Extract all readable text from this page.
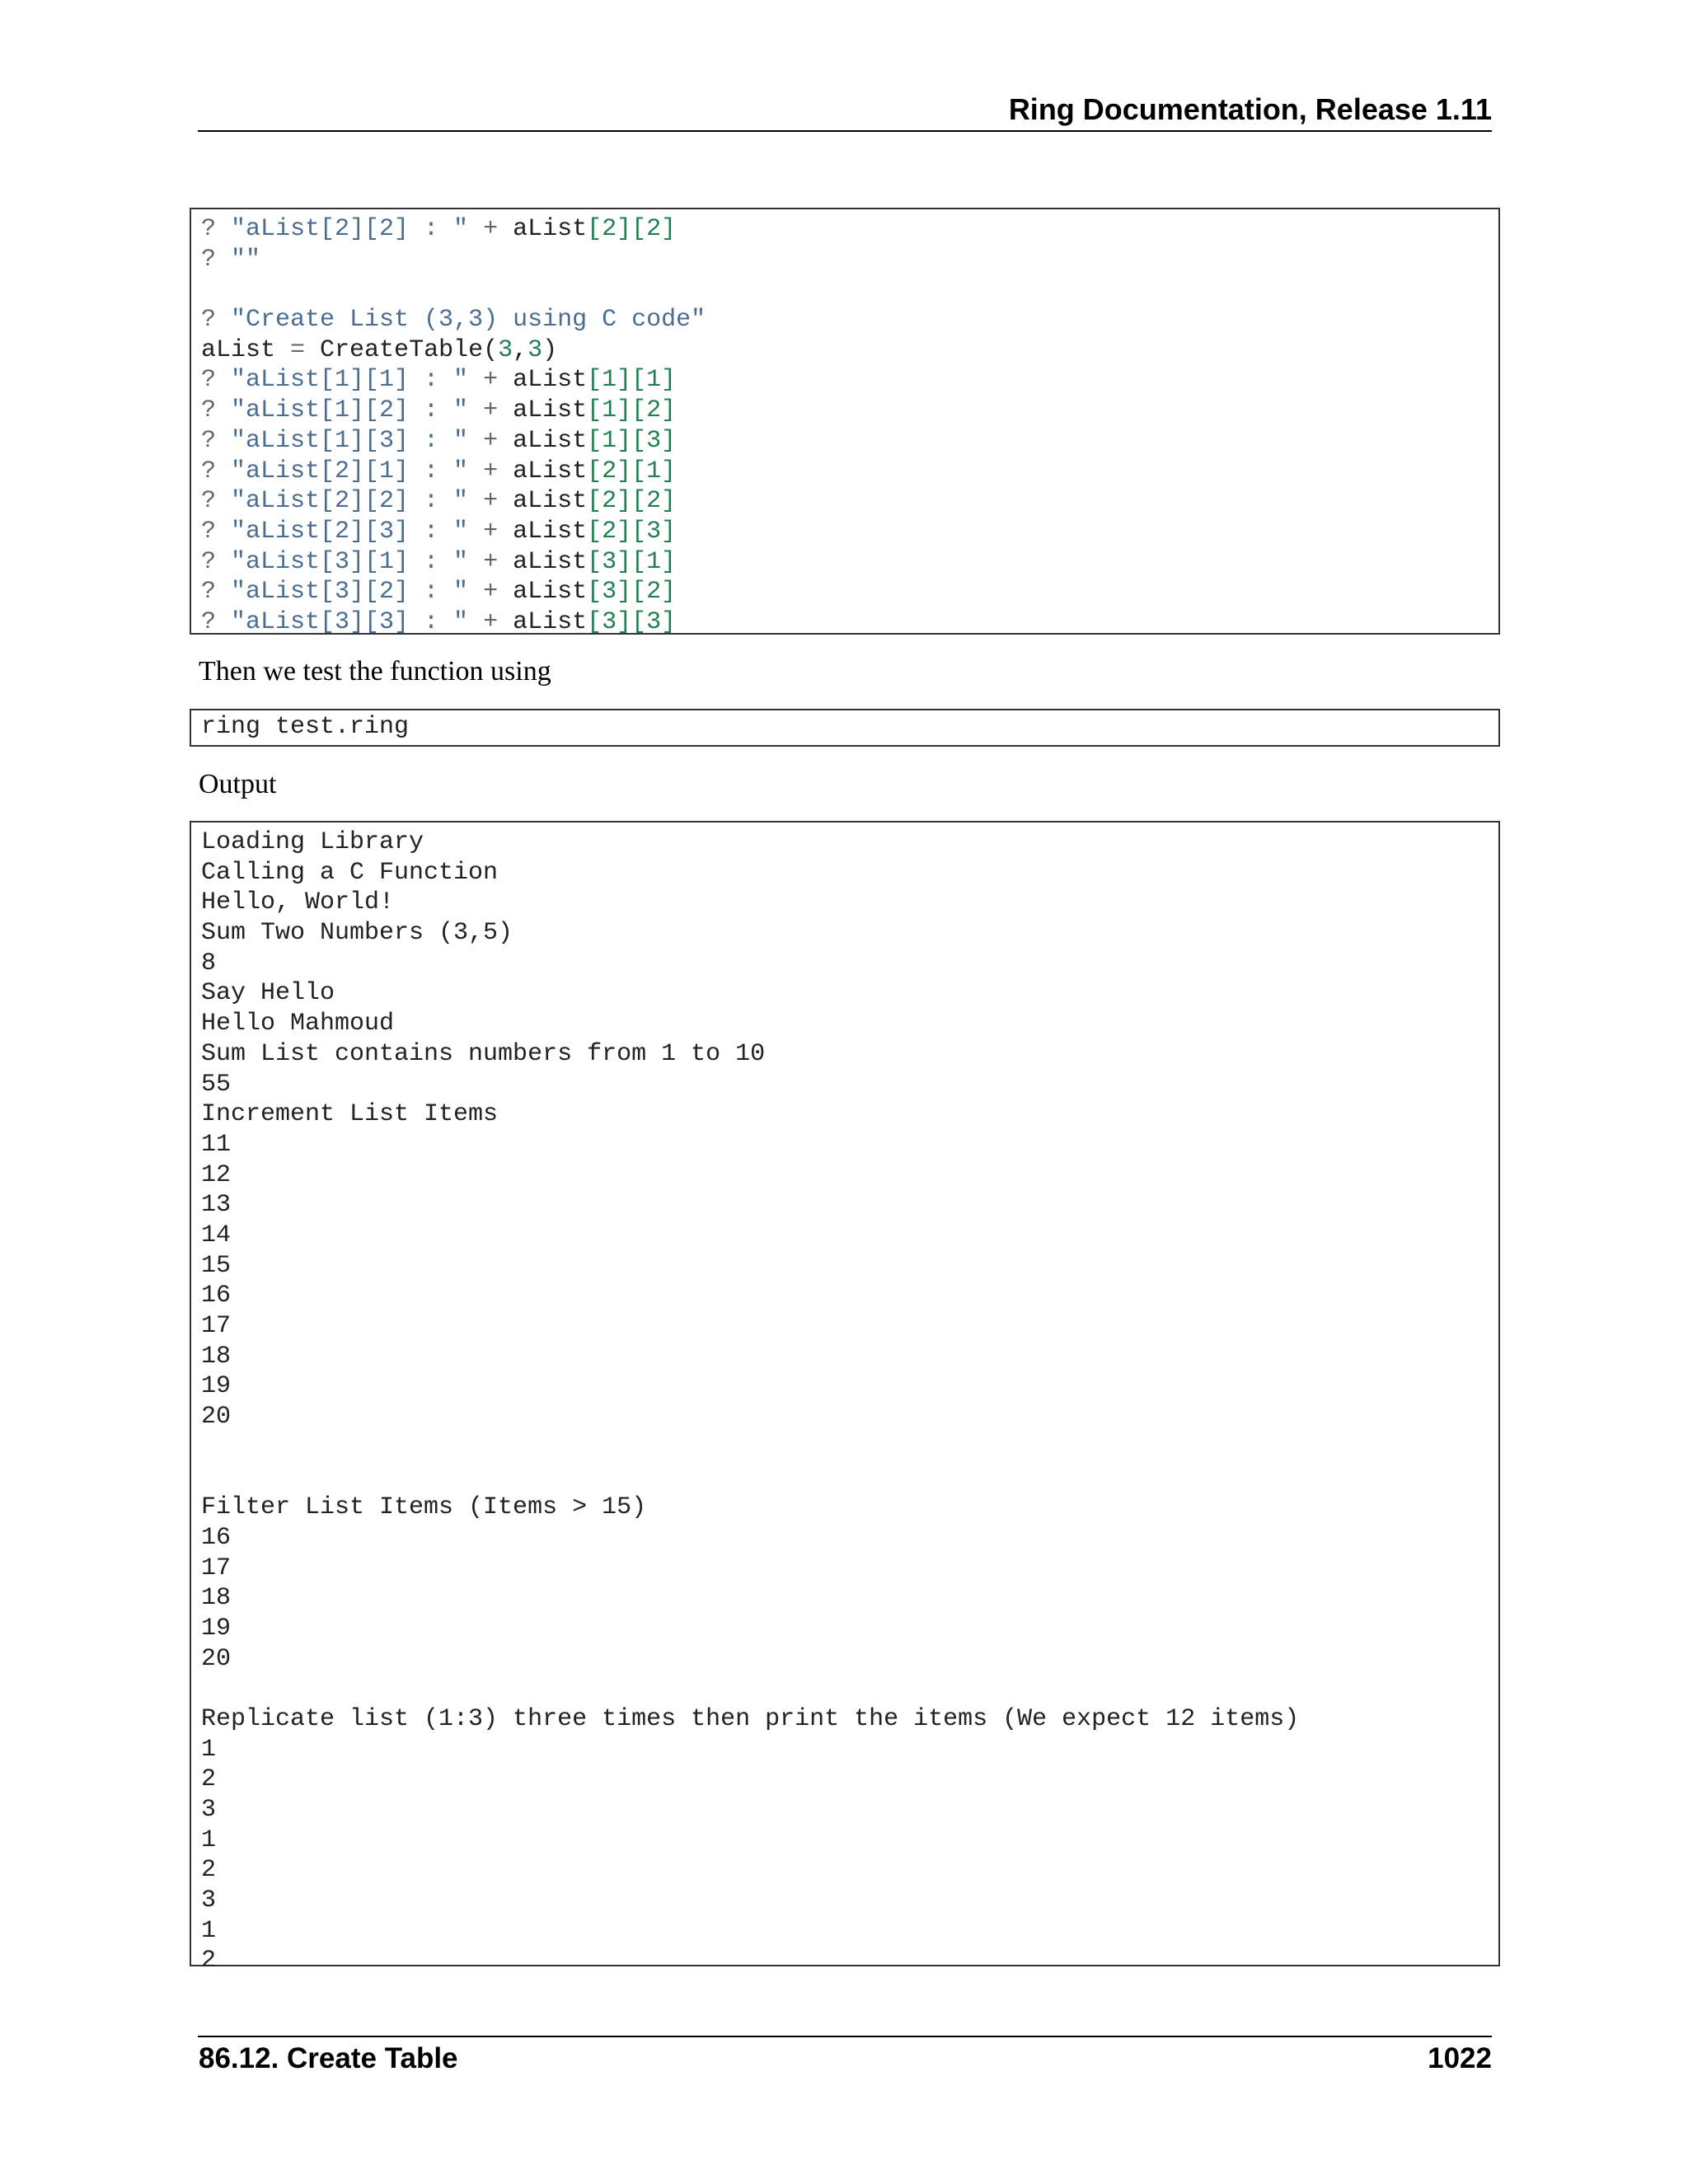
Ring Documentation, Release 1.11
? "aList[2][2] : " + aList[2][2]
? ""

? "Create List (3,3) using C code"
aList = CreateTable(3,3)
? "aList[1][1] : " + aList[1][1]
? "aList[1][2] : " + aList[1][2]
? "aList[1][3] : " + aList[1][3]
? "aList[2][1] : " + aList[2][1]
? "aList[2][2] : " + aList[2][2]
? "aList[2][3] : " + aList[2][3]
? "aList[3][1] : " + aList[3][1]
? "aList[3][2] : " + aList[3][2]
? "aList[3][3] : " + aList[3][3]
Then we test the function using
ring test.ring
Output
Loading Library
Calling a C Function
Hello, World!
Sum Two Numbers (3,5)
8
Say Hello
Hello Mahmoud
Sum List contains numbers from 1 to 10
55
Increment List Items
11
12
13
14
15
16
17
18
19
20

Filter List Items (Items > 15)
16
17
18
19
20

Replicate list (1:3) three times then print the items (We expect 12 items)
1
2
3
1
2
3
1
2
86.12. Create Table	1022
